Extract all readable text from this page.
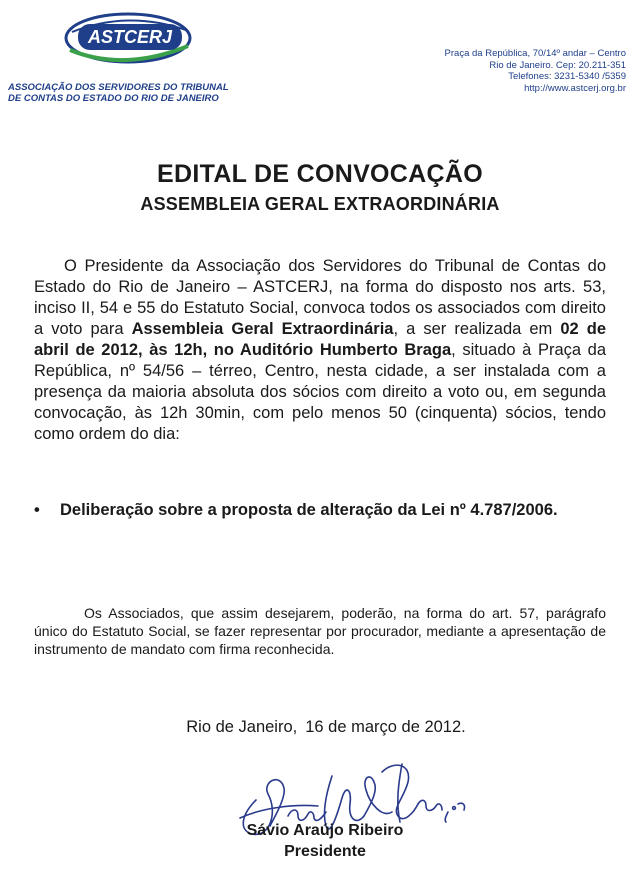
ASTCERJ
ASSOCIAÇÃO DOS SERVIDORES DO TRIBUNAL
DE CONTAS DO ESTADO DO RIO DE JANEIRO
Praça da República, 70/14º andar – Centro
Rio de Janeiro. Cep: 20.211-351
Telefones: 3231-5340 /5359
http://www.astcerj.org.br
EDITAL DE CONVOCAÇÃO
ASSEMBLEIA GERAL EXTRAORDINÁRIA
O Presidente da Associação dos Servidores do Tribunal de Contas do Estado do Rio de Janeiro – ASTCERJ, na forma do disposto nos arts. 53, inciso II, 54 e 55 do Estatuto Social, convoca todos os associados com direito a voto para Assembleia Geral Extraordinária, a ser realizada em 02 de abril de 2012, às 12h, no Auditório Humberto Braga, situado à Praça da República, nº 54/56 – térreo, Centro, nesta cidade, a ser instalada com a presença da maioria absoluta dos sócios com direito a voto ou, em segunda convocação, às 12h 30min, com pelo menos 50 (cinquenta) sócios, tendo como ordem do dia:
•	Deliberação sobre a proposta de alteração da Lei nº 4.787/2006.
Os Associados, que assim desejarem, poderão, na forma do art. 57, parágrafo único do Estatuto Social, se fazer representar por procurador, mediante a apresentação de instrumento de mandato com firma reconhecida.
Rio de Janeiro, 16 de março de 2012.
Sávio Araújo Ribeiro
Presidente
